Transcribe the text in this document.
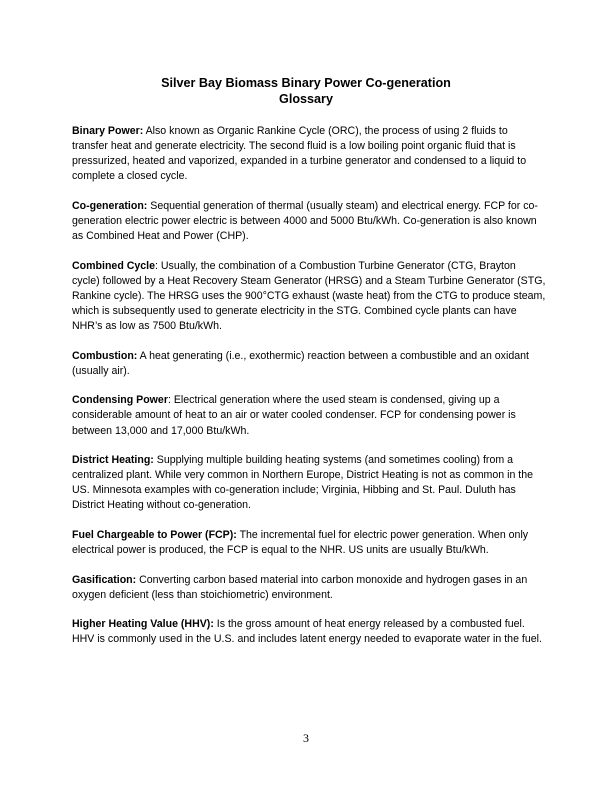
Silver Bay Biomass Binary Power Co-generation
Glossary

Binary Power: Also known as Organic Rankine Cycle (ORC), the process of using 2 fluids to transfer heat and generate electricity. The second fluid is a low boiling point organic fluid that is pressurized, heated and vaporized, expanded in a turbine generator and condensed to a liquid to complete a closed cycle.

Co-generation: Sequential generation of thermal (usually steam) and electrical energy. FCP for co-generation electric power electric is between 4000 and 5000 Btu/kWh. Co-generation is also known as Combined Heat and Power (CHP).

Combined Cycle: Usually, the combination of a Combustion Turbine Generator (CTG, Brayton cycle) followed by a Heat Recovery Steam Generator (HRSG) and a Steam Turbine Generator (STG, Rankine cycle). The HRSG uses the 900°CTG exhaust (waste heat) from the CTG to produce steam, which is subsequently used to generate electricity in the STG. Combined cycle plants can have NHR’s as low as 7500 Btu/kWh.

Combustion: A heat generating (i.e., exothermic) reaction between a combustible and an oxidant (usually air).

Condensing Power: Electrical generation where the used steam is condensed, giving up a considerable amount of heat to an air or water cooled condenser. FCP for condensing power is between 13,000 and 17,000 Btu/kWh.

District Heating: Supplying multiple building heating systems (and sometimes cooling) from a centralized plant. While very common in Northern Europe, District Heating is not as common in the US. Minnesota examples with co-generation include; Virginia, Hibbing and St. Paul. Duluth has District Heating without co-generation.

Fuel Chargeable to Power (FCP): The incremental fuel for electric power generation. When only electrical power is produced, the FCP is equal to the NHR. US units are usually Btu/kWh.

Gasification: Converting carbon based material into carbon monoxide and hydrogen gases in an oxygen deficient (less than stoichiometric) environment.

Higher Heating Value (HHV): Is the gross amount of heat energy released by a combusted fuel. HHV is commonly used in the U.S. and includes latent energy needed to evaporate water in the fuel.

3
